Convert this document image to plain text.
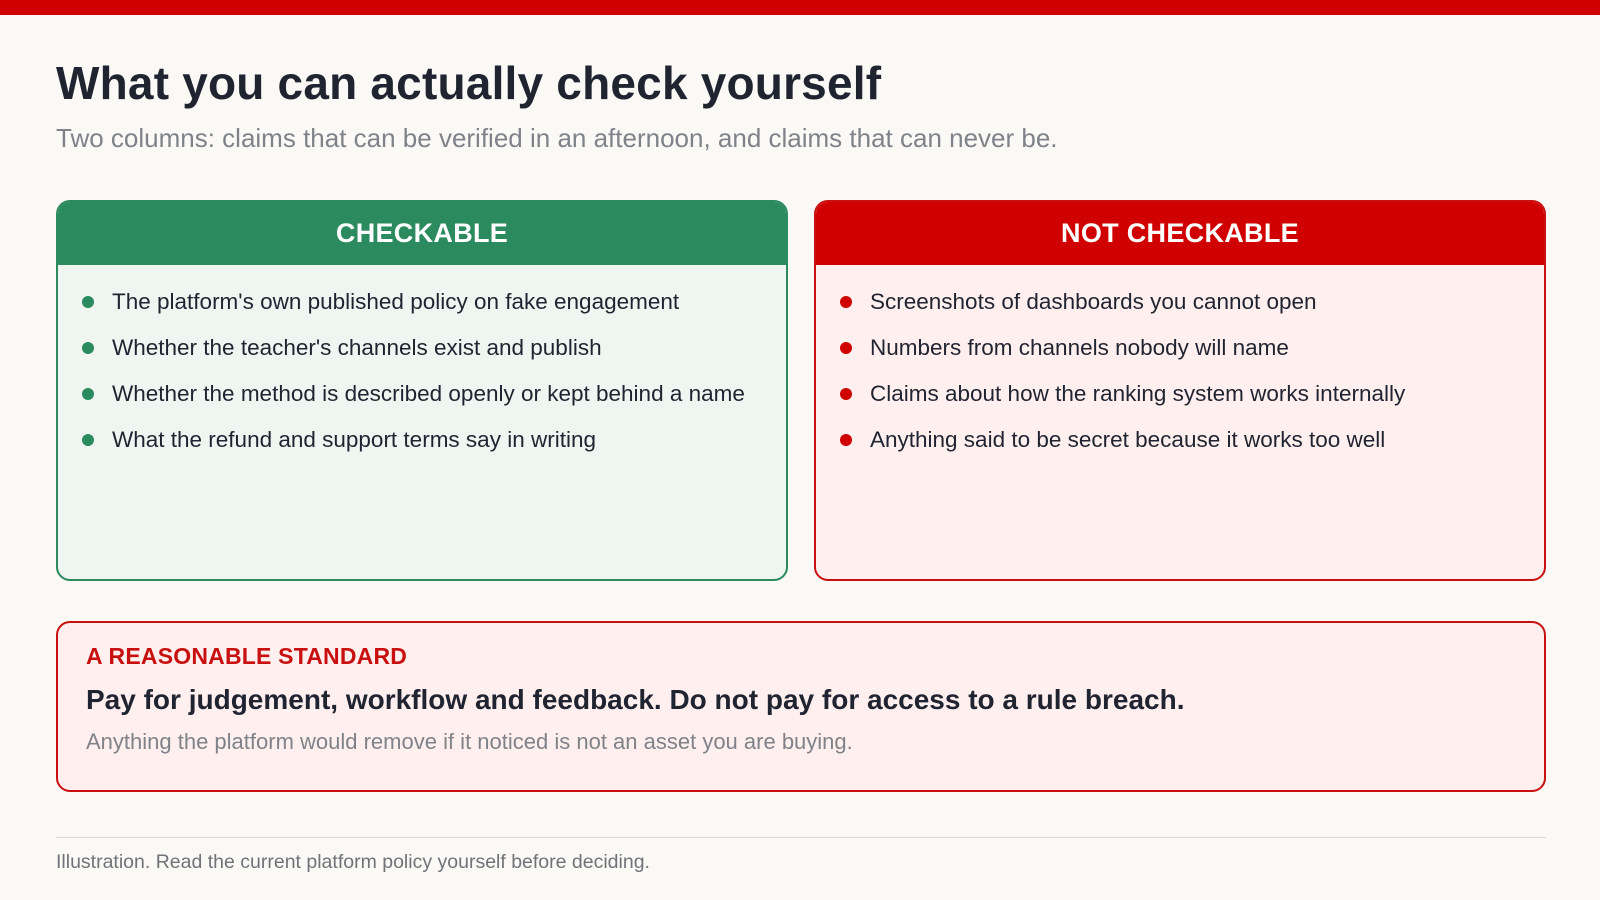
What you can actually check yourself

Two columns: claims that can be verified in an afternoon, and claims that can never be.

CHECKABLE
The platform's own published policy on fake engagement
Whether the teacher's channels exist and publish
Whether the method is described openly or kept behind a name
What the refund and support terms say in writing
NOT CHECKABLE
Screenshots of dashboards you cannot open
Numbers from channels nobody will name
Claims about how the ranking system works internally
Anything said to be secret because it works too well
A REASONABLE STANDARD
Pay for judgement, workflow and feedback. Do not pay for access to a rule breach.
Anything the platform would remove if it noticed is not an asset you are buying.
Illustration. Read the current platform policy yourself before deciding.
